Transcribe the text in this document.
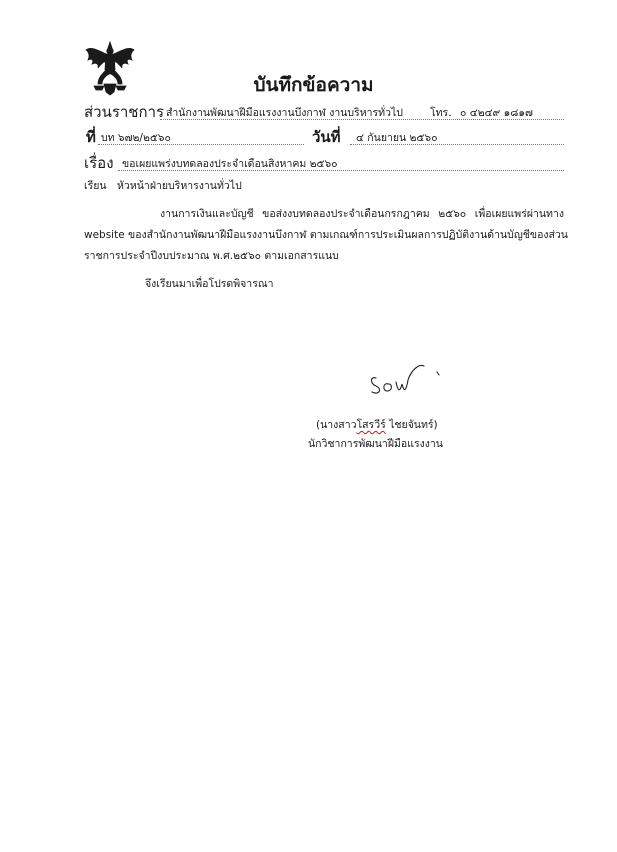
บันทึกข้อความ
ส่วนราชการ สำนักงานพัฒนาฝีมือแรงงานบึงกาฬ งานบริหารทั่วไป	โทร. ๐ ๔๒๔๙ ๑๘๑๗
ที่ บท ๖๗๒/๒๕๖๐	วันที่ ๔ กันยายน ๒๕๖๐
เรื่อง ขอเผยแพร่งบทดลองประจำเดือนสิงหาคม ๒๕๖๐
เรียน หัวหน้าฝ่ายบริหารงานทั่วไป
งานการเงินและบัญชี ขอส่งงบทดลองประจำเดือนกรกฎาคม ๒๕๖๐ เพื่อเผยแพร่ผ่านทาง
website ของสำนักงานพัฒนาฝีมือแรงงานบึงกาฬ ตามเกณฑ์การประเมินผลการปฏิบัติงานด้านบัญชีของส่วน
ราชการประจำปีงบประมาณ พ.ศ.๒๕๖๐ ตามเอกสารแนบ
จึงเรียนมาเพื่อโปรดพิจารณา
(นางสาวโสรวีร์ ไชยจันทร์)
นักวิชาการพัฒนาฝีมือแรงงาน
